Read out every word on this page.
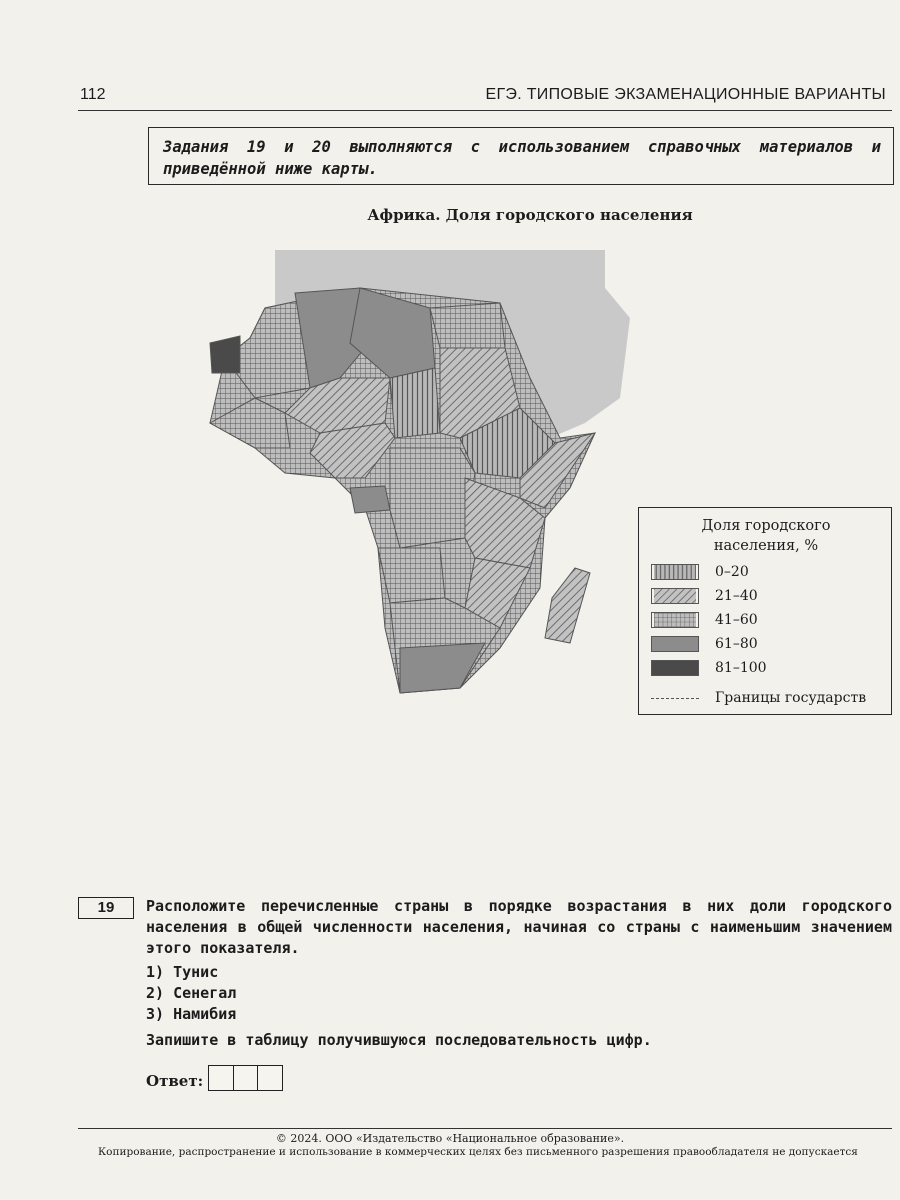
112	ЕГЭ. ТИПОВЫЕ ЭКЗАМЕНАЦИОННЫЕ ВАРИАНТЫ
Задания 19 и 20 выполняются с использованием справочных материалов и приведённой ниже карты.
Африка. Доля городского населения
Доля городского
населения, %
0–20
21–40
41–60
61–80
81–100
Границы государств
19	Расположите перечисленные страны в порядке возрастания в них доли городского населения в общей численности населения, начиная со страны с наименьшим значением этого показателя.
1) Тунис
2) Сенегал
3) Намибия
Запишите в таблицу получившуюся последовательность цифр.
Ответ:
© 2024. ООО «Издательство «Национальное образование».
Копирование, распространение и использование в коммерческих целях без письменного разрешения правообладателя не допускается
